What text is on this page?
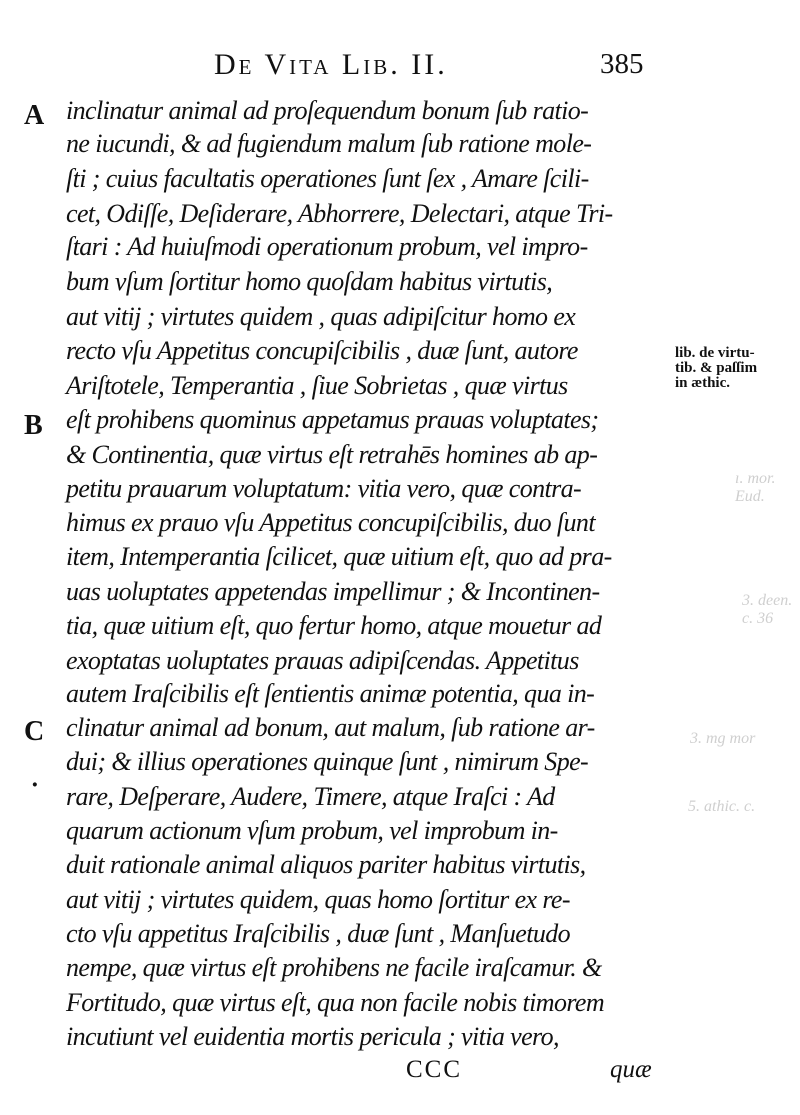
ı. mor. Eud.
3. deen. c. 36
3. mg mor
5. athic. c.
De Vita Lib. II.	385
A
B
C
·
inclinatur animal ad proſequendum bonum ſub ratio-
ne iucundi, & ad fugiendum malum ſub ratione mole-
ſti ; cuius facultatis operationes ſunt ſex , Amare ſcili-
cet, Odiſſe, Deſiderare, Abhorrere, Delectari, atque Tri-
ſtari : Ad huiuſmodi operationum probum, vel impro-
bum vſum ſortitur homo quoſdam habitus virtutis,
aut vitij ; virtutes quidem , quas adipiſcitur homo ex
recto vſu Appetitus concupiſcibilis , duæ ſunt, autore
Ariſtotele, Temperantia , ſiue Sobrietas , quæ virtus
eſt prohibens quominus appetamus prauas voluptates;
& Continentia, quæ virtus eſt retrahēs homines ab ap-
petitu prauarum voluptatum: vitia vero, quæ contra-
himus ex prauo vſu Appetitus concupiſcibilis, duo ſunt
item, Intemperantia ſcilicet, quæ uitium eſt, quo ad pra-
uas uoluptates appetendas impellimur ; & Incontinen-
tia, quæ uitium eſt, quo fertur homo, atque mouetur ad
exoptatas uoluptates prauas adipiſcendas. Appetitus
autem Iraſcibilis eſt ſentientis animæ potentia, qua in-
clinatur animal ad bonum, aut malum, ſub ratione ar-
dui; & illius operationes quinque ſunt , nimirum Spe-
rare, Deſperare, Audere, Timere, atque Iraſci : Ad
quarum actionum vſum probum, vel improbum in-
duit rationale animal aliquos pariter habitus virtutis,
aut vitij ; virtutes quidem, quas homo ſortitur ex re-
cto vſu appetitus Iraſcibilis , duæ ſunt , Manſuetudo
nempe, quæ virtus eſt prohibens ne facile iraſcamur. &
Fortitudo, quæ virtus eſt, qua non facile nobis timorem
incutiunt vel euidentia mortis pericula ; vitia vero,
lib. de virtu-
tib. & paſſim
in æthic.
CCC	quæ
